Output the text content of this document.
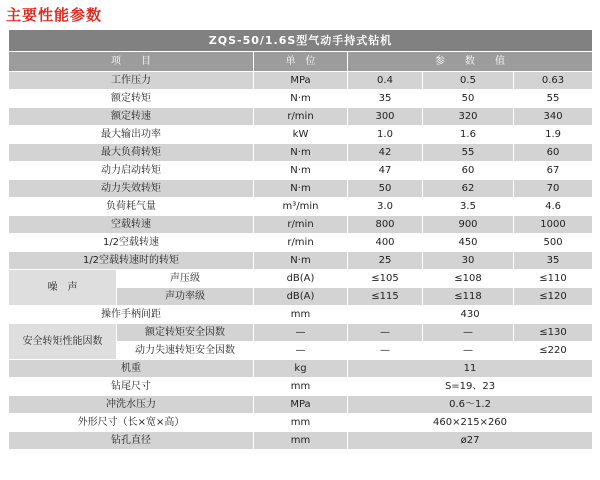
主要性能参数
ZQS-50/1.6S型气动手持式钻机					
项　　目		单　位	参　　数　　值		
工作压力		MPa	0.4	0.5	0.63
额定转矩		N·m	35	50	55
额定转速		r/min	300	320	340
最大输出功率		kW	1.0	1.6	1.9
最大负荷转矩		N·m	42	55	60
动力启动转矩		N·m	47	60	67
动力失效转矩		N·m	50	62	70
负荷耗气量		m³/min	3.0	3.5	4.6
空载转速		r/min	800	900	1000
1/2空载转速		r/min	400	450	500
1/2空载转速时的转矩		N·m	25	30	35
噪　声	声压级	dB(A)	≤105	≤108	≤110
	声功率级	dB(A)	≤115	≤118	≤120
操作手柄间距		mm	430		
安全转矩性能因数	额定转矩安全因数	—	—	—	≤130
	动力失速转矩安全因数	—	—	—	≤220
机重		kg	11		
钻尾尺寸		mm	S=19、23		
冲洗水压力		MPa	0.6～1.2		
外形尺寸（长×宽×高）		mm	460×215×260		
钻孔直径		mm	ø27		
